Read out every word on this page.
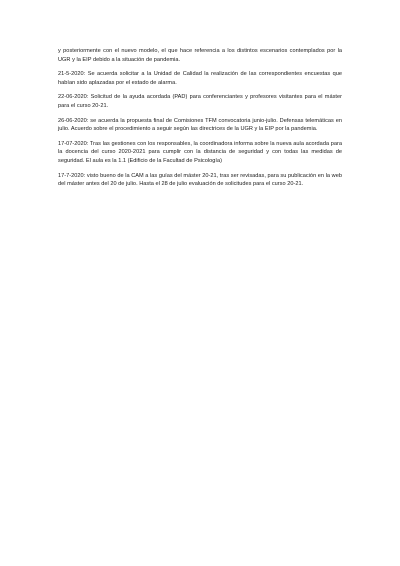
y posteriormente con el nuevo modelo, el que hace referencia a los distintos escenarios contemplados por la UGR y la EIP debido a la situación de pandemia.

21-5-2020: Se acuerda solicitar a la Unidad de Calidad la realización de las correspondientes encuestas que habían sido aplazadas por el estado de alarma.

22-06-2020: Solicitud de la ayuda acordada (PAD) para conferenciantes y profesores visitantes para el máster para el curso 20-21.

26-06-2020: se acuerda la propuesta final de Comisiones TFM convocatoria junio-julio. Defensas telemáticas en julio. Acuerdo sobre el procedimiento a seguir según las directrices de la UGR y la EIP por la pandemia.

17-07-2020: Tras las gestiones con los responsables, la coordinadora informa sobre la nueva aula acordada para la docencia del curso 2020-2021 para cumplir con la distancia de seguridad y con todas las medidas de seguridad. El aula es la 1.1 (Edificio de la Facultad de Psicología)

17-7-2020: visto bueno de la CAM a las guías del máster 20-21, tras ser revisadas, para su publicación en la web del máster antes del 20 de julio. Hasta el 28 de julio evaluación de solicitudes para el curso 20-21.
